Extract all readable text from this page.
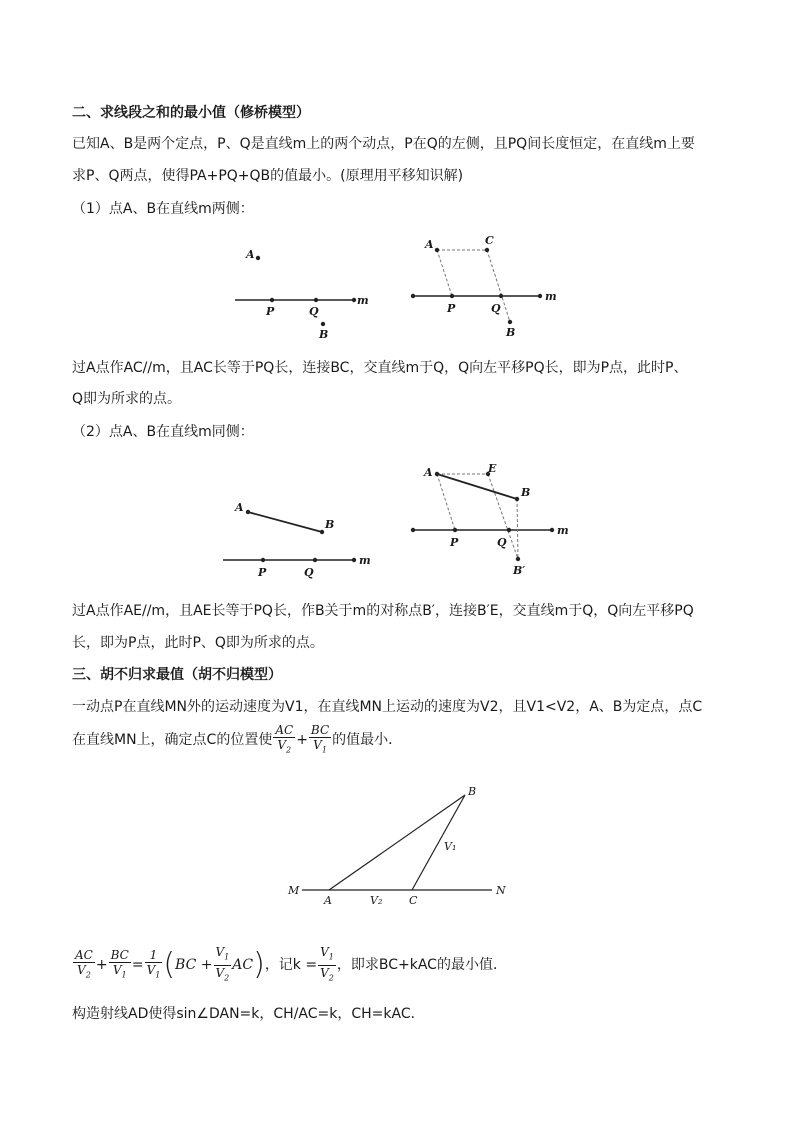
二、求线段之和的最小值（修桥模型）
已知A、B是两个定点，P、Q是直线m上的两个动点，P在Q的左侧，且PQ间长度恒定，在直线m上要
求P、Q两点，使得PA+PQ+QB的值最小。(原理用平移知识解)
（1）点A、B在直线m两侧：
A
P	Q
m
B
A	C
P	Q
m
B
过A点作AC//m，且AC长等于PQ长，连接BC，交直线m于Q，Q向左平移PQ长，即为P点，此时P、
Q即为所求的点。
（2）点A、B在直线m同侧：
A
B
P	Q
m
A	E
B
P	Q
m
B′
过A点作AE//m，且AE长等于PQ长，作B关于m的对称点B′，连接B′E，交直线m于Q，Q向左平移PQ
长，即为P点，此时P、Q即为所求的点。
三、胡不归求最值（胡不归模型）
一动点P在直线MN外的运动速度为V1，在直线MN上运动的速度为V2，且V1<V2，A、B为定点，点C
在直线MN上，确定点C的位置使 $\frac{AC}{V_2} + \frac{BC}{V_1}$ 的值最小．
M
A	C
N
B
V₁
V₂
$\frac{AC}{V_2} + \frac{BC}{V_1} = \frac{1}{V_1} (BC + \frac{V_1}{V_2} AC)$，记$k = \frac{V_1}{V_2}$ ，即求BC+kAC的最小值．
构造射线AD使得sin∠DAN=k，CH/AC=k，CH=kAC．
